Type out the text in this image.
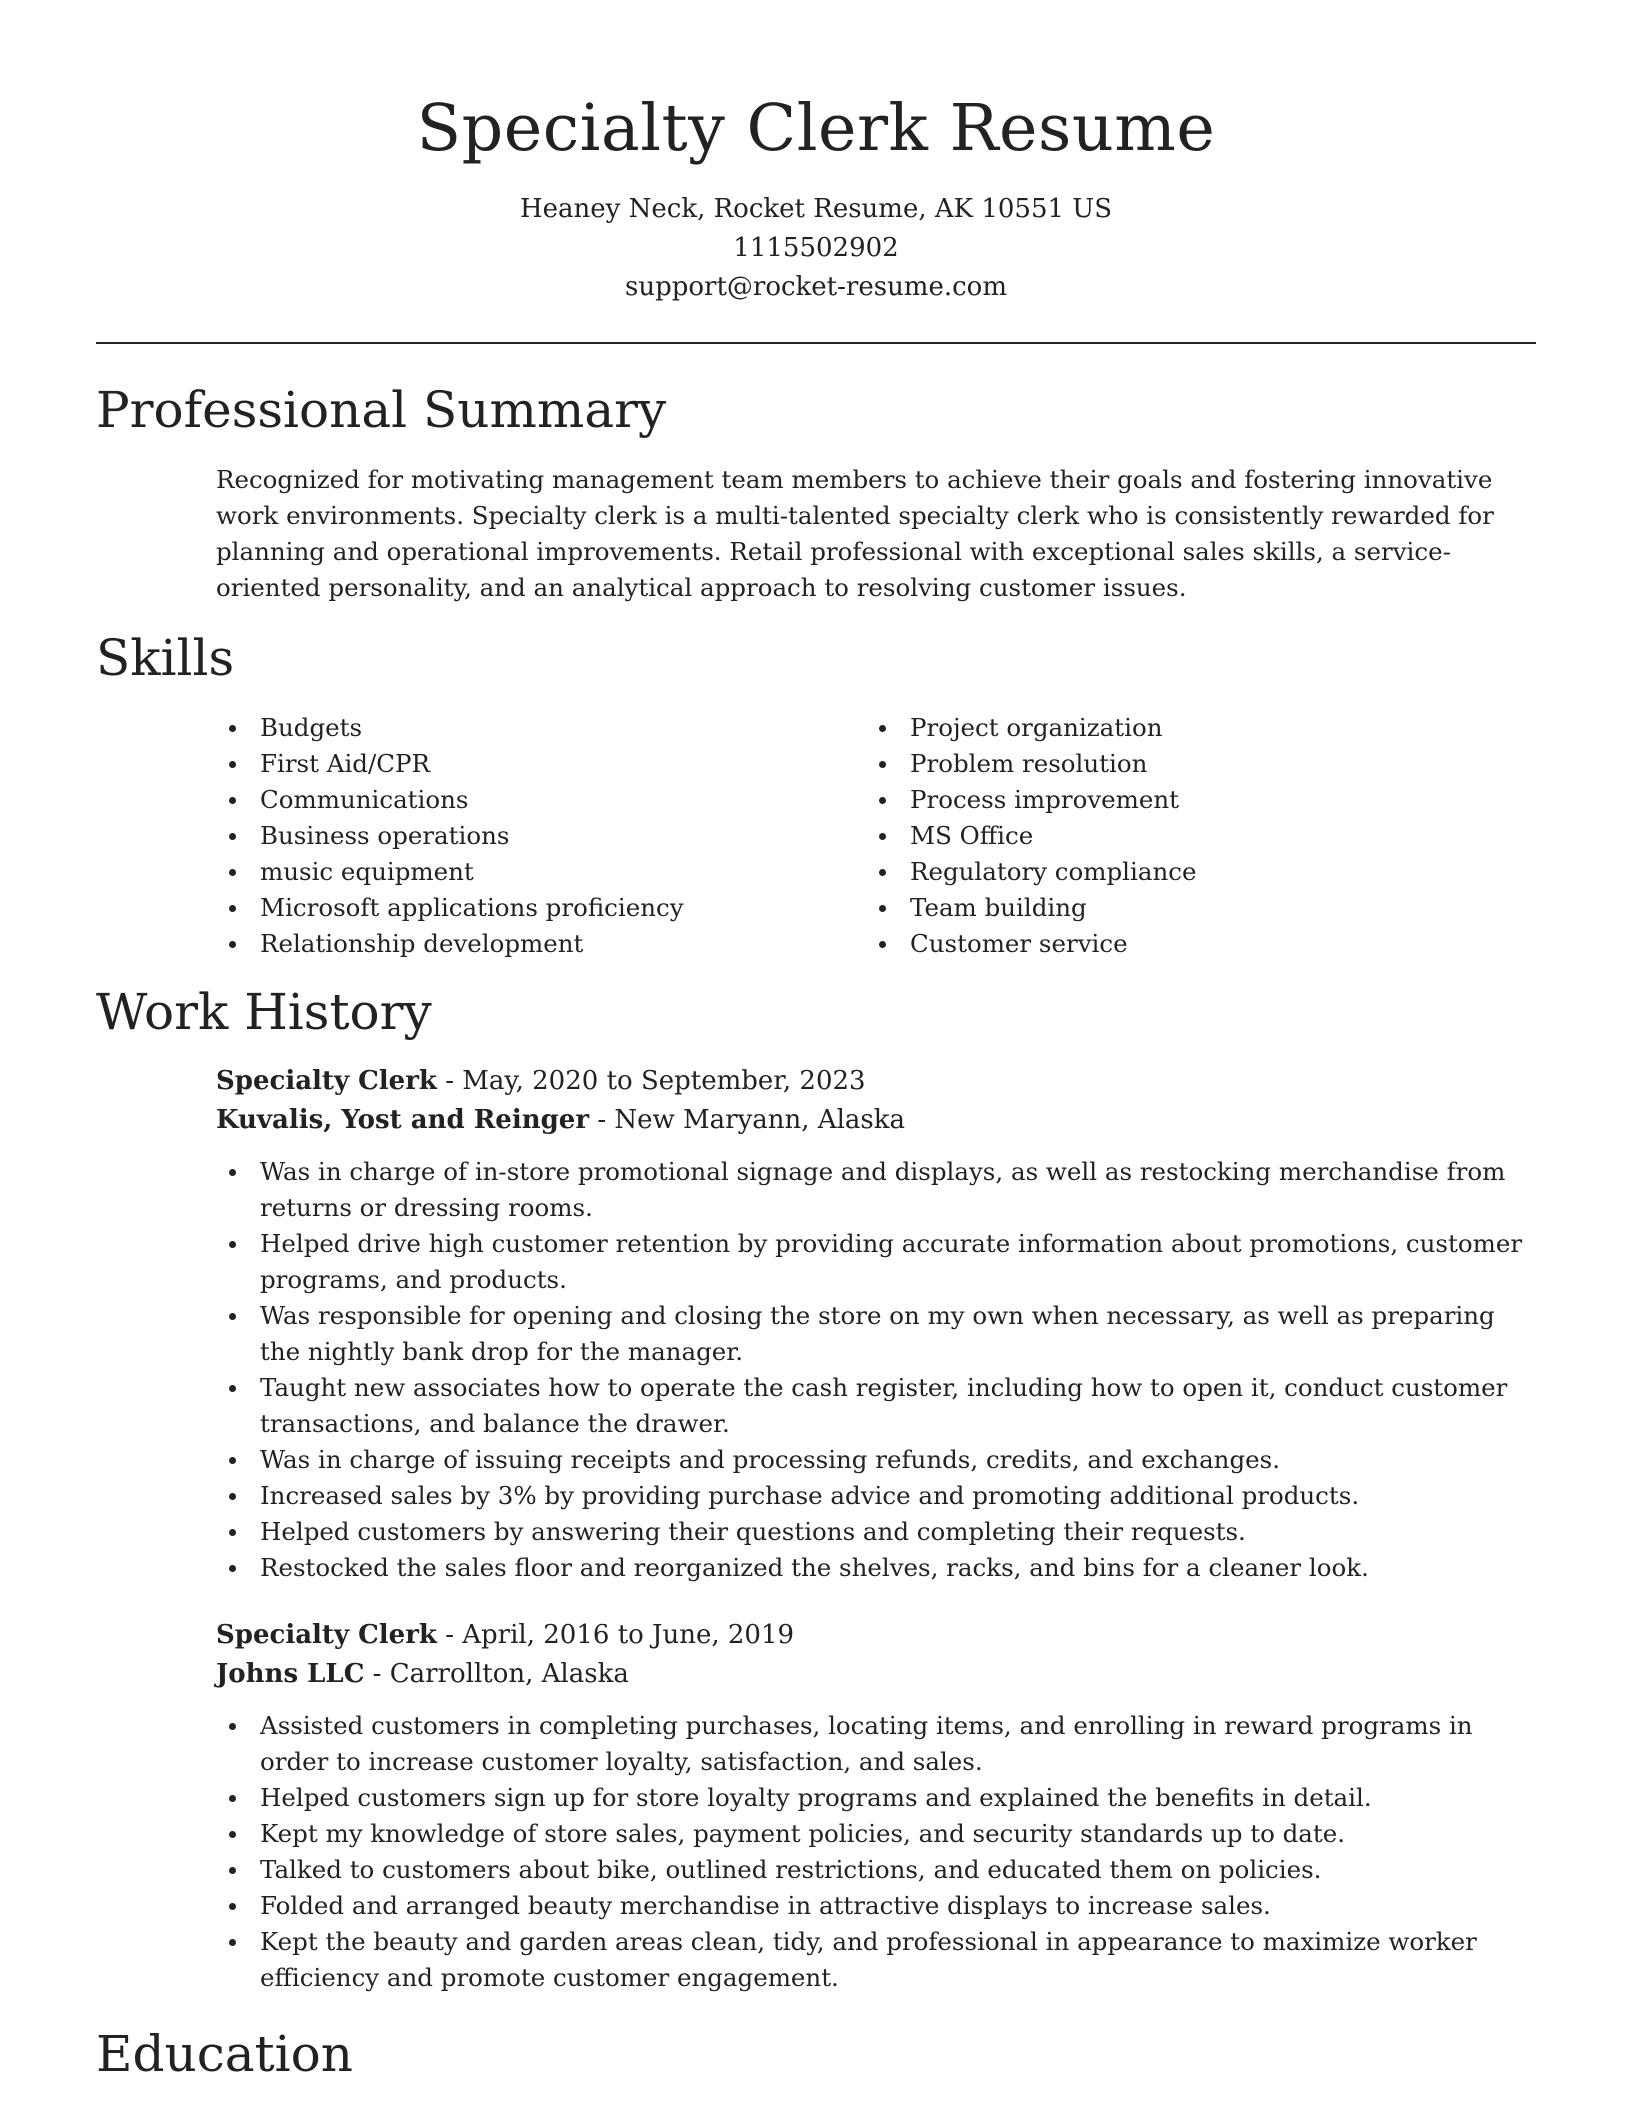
Specialty Clerk Resume
Heaney Neck, Rocket Resume, AK 10551 US
1115502902
support@rocket-resume.com
Professional Summary

Recognized for motivating management team members to achieve their goals and fostering innovative work environments. Specialty clerk is a multi-talented specialty clerk who is consistently rewarded for planning and operational improvements. Retail professional with exceptional sales skills, a service-oriented personality, and an analytical approach to resolving customer issues.

Skills
Budgets
First Aid/CPR
Communications
Business operations
music equipment
Microsoft applications proficiency
Relationship development
Project organization
Problem resolution
Process improvement
MS Office
Regulatory compliance
Team building
Customer service
Work History
Specialty Clerk - May, 2020 to September, 2023
Kuvalis, Yost and Reinger - New Maryann, Alaska
Was in charge of in-store promotional signage and displays, as well as restocking merchandise from returns or dressing rooms.
Helped drive high customer retention by providing accurate information about promotions, customer programs, and products.
Was responsible for opening and closing the store on my own when necessary, as well as preparing the nightly bank drop for the manager.
Taught new associates how to operate the cash register, including how to open it, conduct customer transactions, and balance the drawer.
Was in charge of issuing receipts and processing refunds, credits, and exchanges.
Increased sales by 3% by providing purchase advice and promoting additional products.
Helped customers by answering their questions and completing their requests.
Restocked the sales floor and reorganized the shelves, racks, and bins for a cleaner look.
Specialty Clerk - April, 2016 to June, 2019
Johns LLC - Carrollton, Alaska
Assisted customers in completing purchases, locating items, and enrolling in reward programs in order to increase customer loyalty, satisfaction, and sales.
Helped customers sign up for store loyalty programs and explained the benefits in detail.
Kept my knowledge of store sales, payment policies, and security standards up to date.
Talked to customers about bike, outlined restrictions, and educated them on policies.
Folded and arranged beauty merchandise in attractive displays to increase sales.
Kept the beauty and garden areas clean, tidy, and professional in appearance to maximize worker efficiency and promote customer engagement.
Education
